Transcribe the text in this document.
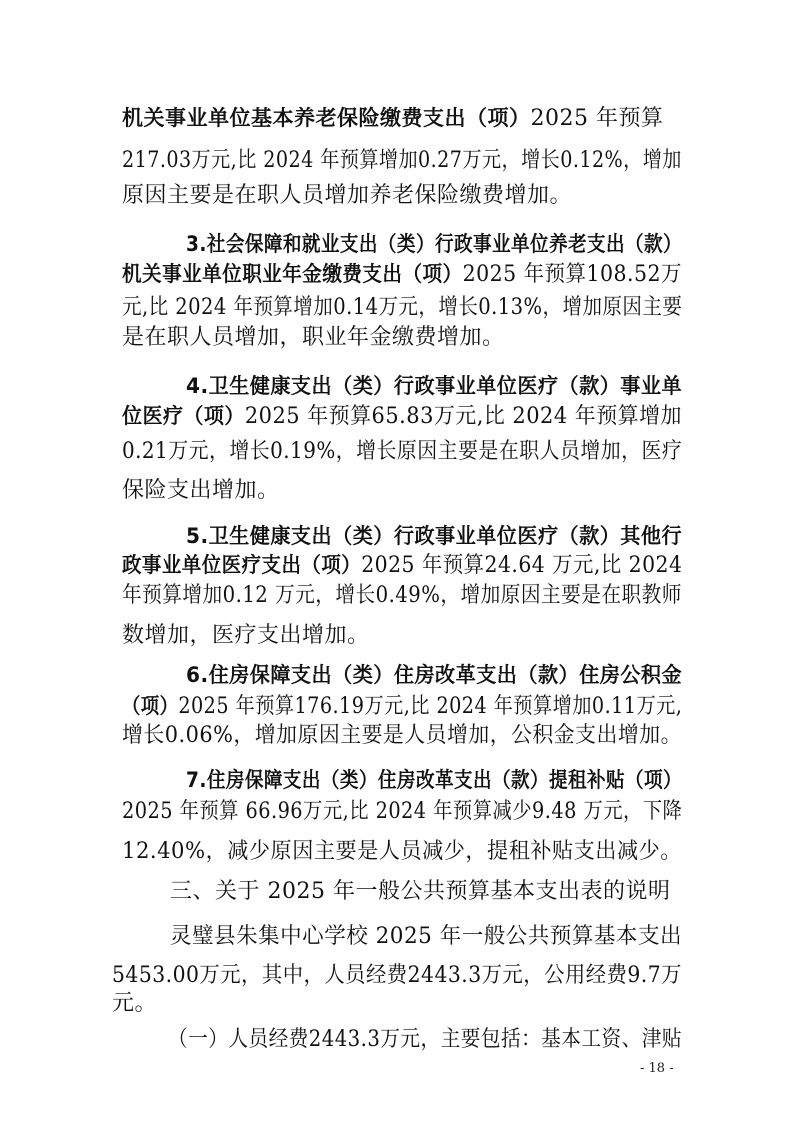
机关事业单位基本养老保险缴费支出（项）2025 年预算
217.03万元,比 2024 年预算增加0.27万元，增长0.12%，增加
原因主要是在职人员增加养老保险缴费增加。
3.社会保障和就业支出（类）行政事业单位养老支出（款）
机关事业单位职业年金缴费支出（项）2025 年预算108.52万
元,比 2024 年预算增加0.14万元，增长0.13%，增加原因主要
是在职人员增加，职业年金缴费增加。
4.卫生健康支出（类）行政事业单位医疗（款）事业单
位医疗（项）2025 年预算65.83万元,比 2024 年预算增加
0.21万元，增长0.19%，增长原因主要是在职人员增加，医疗
保险支出增加。
5.卫生健康支出（类）行政事业单位医疗（款）其他行
政事业单位医疗支出（项）2025 年预算24.64 万元,比 2024
年预算增加0.12 万元，增长0.49%，增加原因主要是在职教师
数增加，医疗支出增加。
6.住房保障支出（类）住房改革支出（款）住房公积金
（项）2025 年预算176.19万元,比 2024 年预算增加0.11万元,
增长0.06%，增加原因主要是人员增加，公积金支出增加。
7.住房保障支出（类）住房改革支出（款）提租补贴（项）
2025 年预算 66.96万元,比 2024 年预算减少9.48 万元，下降
12.40%，减少原因主要是人员减少，提租补贴支出减少。
三、关于 2025 年一般公共预算基本支出表的说明
灵璧县朱集中心学校 2025 年一般公共预算基本支出
5453.00万元，其中，人员经费2443.3万元，公用经费9.7万
元。
（一）人员经费2443.3万元，主要包括：基本工资、津贴
- 18 -
